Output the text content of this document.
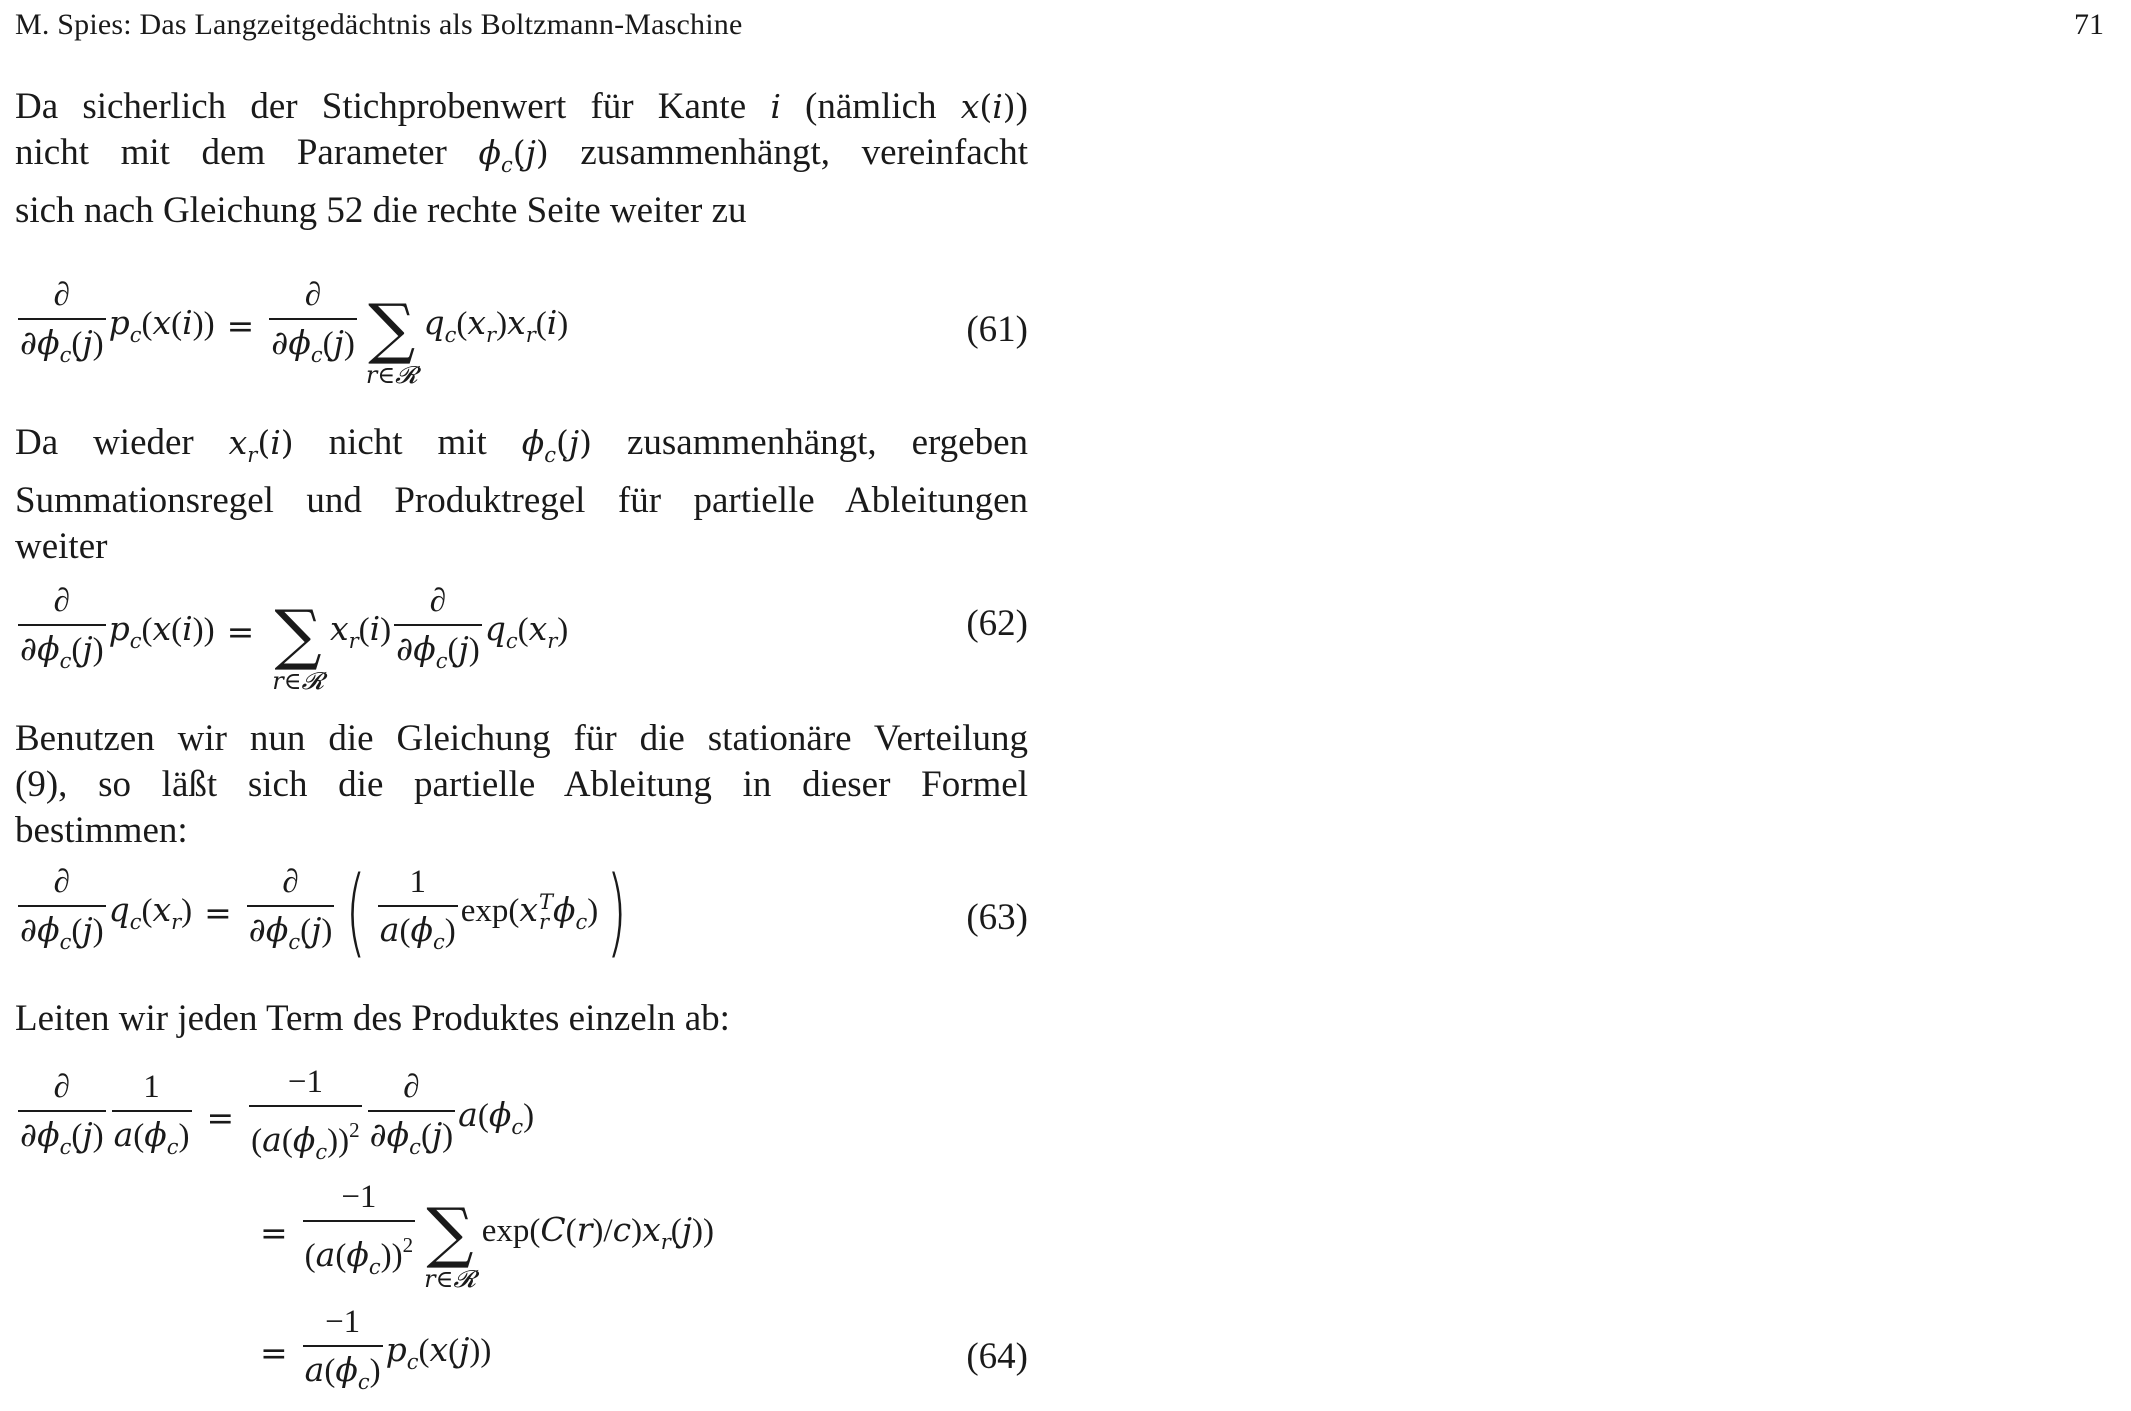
M. Spies: Das Langzeitgedächtnis als Boltzmann-Maschine	71
Da sicherlich der Stichprobenwert für Kante i (nämlich x(i))
nicht mit dem Parameter $\phi_c(j)$ zusammenhängt, vereinfacht
sich nach Gleichung 52 die rechte Seite weiter zu
$\frac{\partial}{\partial\phi_c(j)} p_c(x(i)) = \frac{\partial}{\partial\phi_c(j)}$ ∑
r∈𝓡
$q_c(x_r)x_r(i)$	(61)
Da wieder $x_r(i)$ nicht mit $\phi_c(j)$ zusammenhängt, ergeben
Summationsregel und Produktregel für partielle Ableitungen
weiter
$\frac{\partial}{\partial\phi_c(j)} p_c(x(i))$ = ∑
r∈𝓡
$x_r(i) \frac{\partial}{\partial\phi_c(j)} q_c(x_r)$	(62)
Benutzen wir nun die Gleichung für die stationäre Verteilung
(9), so läßt sich die partielle Ableitung in dieser Formel
bestimmen:
$\frac{\partial}{\partial\phi_c(j)} q_c(x_r) = \frac{\partial}{\partial\phi_c(j)}$ ( $\frac{1}{a(\phi_c)} \exp(x$ T
r $\phi_c$) )	(63)
Leiten wir jeden Term des Produktes einzeln ab:
$\frac{\partial}{\partial\phi_c(j)} \frac{1}{a(\phi_c)} = \frac{-1}{(a(\phi_c))^2} \frac{\partial}{\partial\phi_c(j)} a(\phi_c)$
= $\frac{-1}{(a(\phi_c))^2}$ ∑
r∈𝓡
$\exp(C(r)/c)x_r(j)$)
= $\frac{-1}{a(\phi_c)} p_c(x(j))$	(64)
